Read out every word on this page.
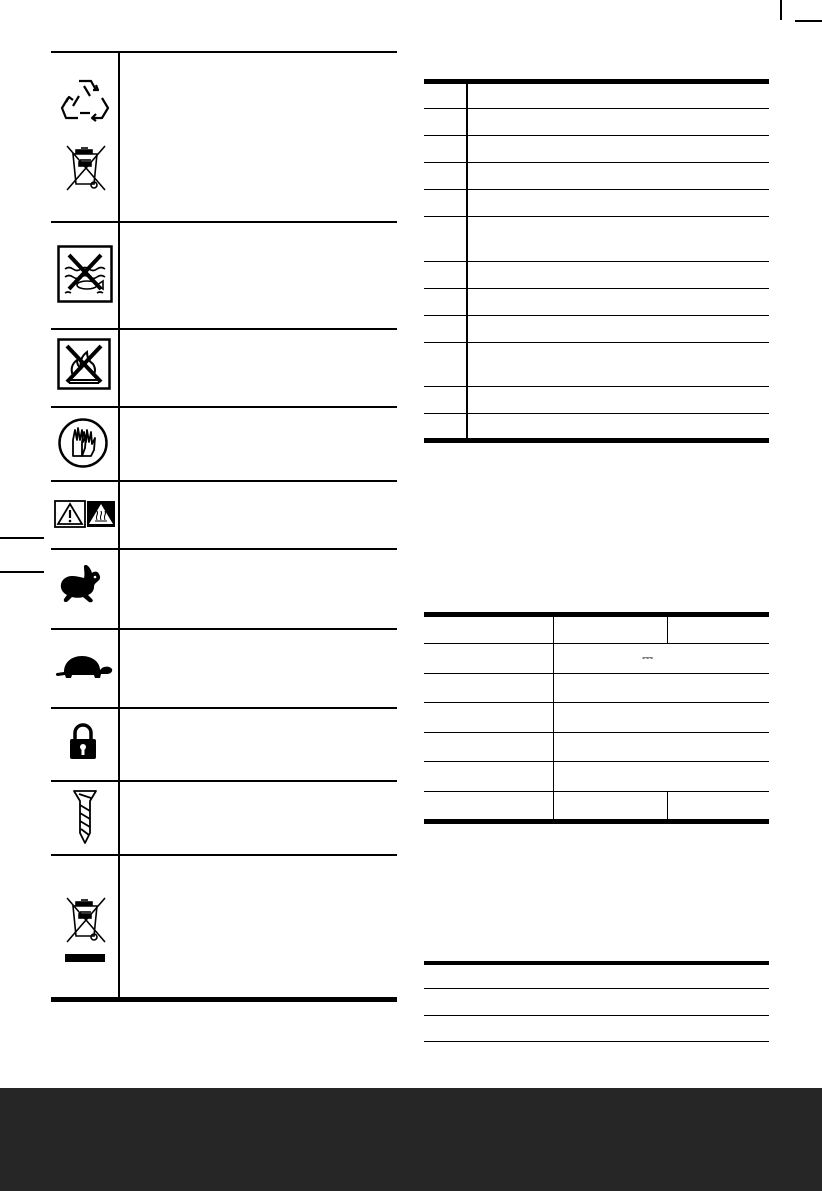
⎓
